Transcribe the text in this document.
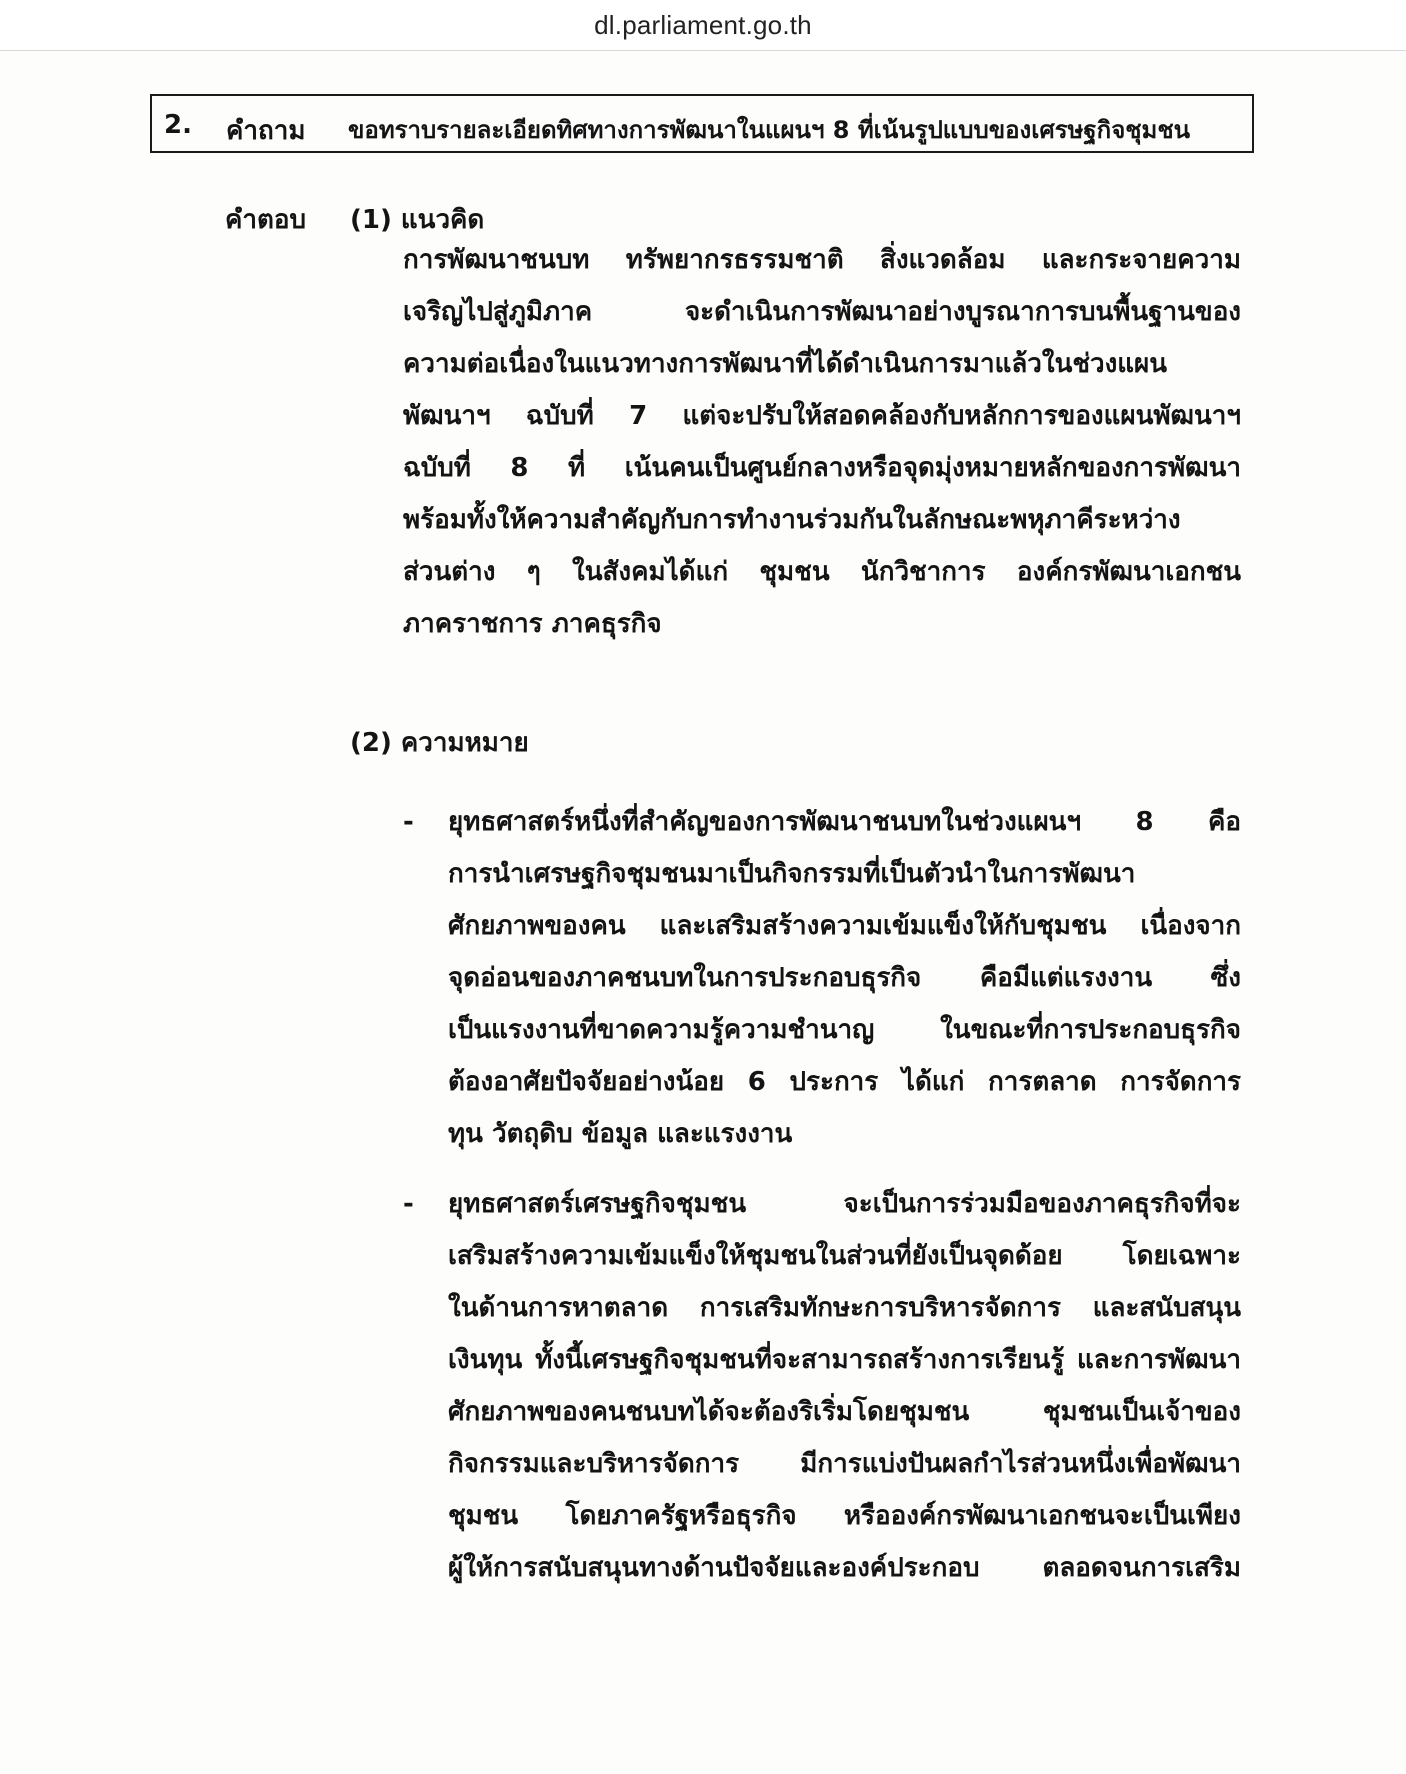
dl.parliament.go.th
2. คำถาม ขอทราบรายละเอียดทิศทางการพัฒนาในแผนฯ 8 ที่เน้นรูปแบบของเศรษฐกิจชุมชน
คำตอบ (1) แนวคิด
การพัฒนาชนบท ทรัพยากรธรรมชาติ สิ่งแวดล้อม และกระจายความ
เจริญไปสู่ภูมิภาค จะดำเนินการพัฒนาอย่างบูรณาการบนพื้นฐานของ
ความต่อเนื่องในแนวทางการพัฒนาที่ได้ดำเนินการมาแล้วในช่วงแผน
พัฒนาฯ ฉบับที่ 7 แต่จะปรับให้สอดคล้องกับหลักการของแผนพัฒนาฯ
ฉบับที่ 8 ที่ เน้นคนเป็นศูนย์กลางหรือจุดมุ่งหมายหลักของการพัฒนา
พร้อมทั้งให้ความสำคัญกับการทำงานร่วมกันในลักษณะพหุภาคีระหว่าง
ส่วนต่าง ๆ ในสังคมได้แก่ ชุมชน นักวิชาการ องค์กรพัฒนาเอกชน
ภาคราชการ ภาคธุรกิจ
(2) ความหมาย
-	ยุทธศาสตร์หนึ่งที่สำคัญของการพัฒนาชนบทในช่วงแผนฯ 8 คือ
การนำเศรษฐกิจชุมชนมาเป็นกิจกรรมที่เป็นตัวนำในการพัฒนา
ศักยภาพของคน และเสริมสร้างความเข้มแข็งให้กับชุมชน เนื่องจาก
จุดอ่อนของภาคชนบทในการประกอบธุรกิจ คือมีแต่แรงงาน ซึ่ง
เป็นแรงงานที่ขาดความรู้ความชำนาญ ในขณะที่การประกอบธุรกิจ
ต้องอาศัยปัจจัยอย่างน้อย 6 ประการ ได้แก่ การตลาด การจัดการ
ทุน วัตถุดิบ ข้อมูล และแรงงาน
-	ยุทธศาสตร์เศรษฐกิจชุมชน จะเป็นการร่วมมือของภาคธุรกิจที่จะ
เสริมสร้างความเข้มแข็งให้ชุมชนในส่วนที่ยังเป็นจุดด้อย โดยเฉพาะ
ในด้านการหาตลาด การเสริมทักษะการบริหารจัดการ และสนับสนุน
เงินทุน ทั้งนี้เศรษฐกิจชุมชนที่จะสามารถสร้างการเรียนรู้ และการพัฒนา
ศักยภาพของคนชนบทได้จะต้องริเริ่มโดยชุมชน ชุมชนเป็นเจ้าของ
กิจกรรมและบริหารจัดการ มีการแบ่งปันผลกำไรส่วนหนึ่งเพื่อพัฒนา
ชุมชน โดยภาครัฐหรือธุรกิจ หรือองค์กรพัฒนาเอกชนจะเป็นเพียง
ผู้ให้การสนับสนุนทางด้านปัจจัยและองค์ประกอบ ตลอดจนการเสริม
